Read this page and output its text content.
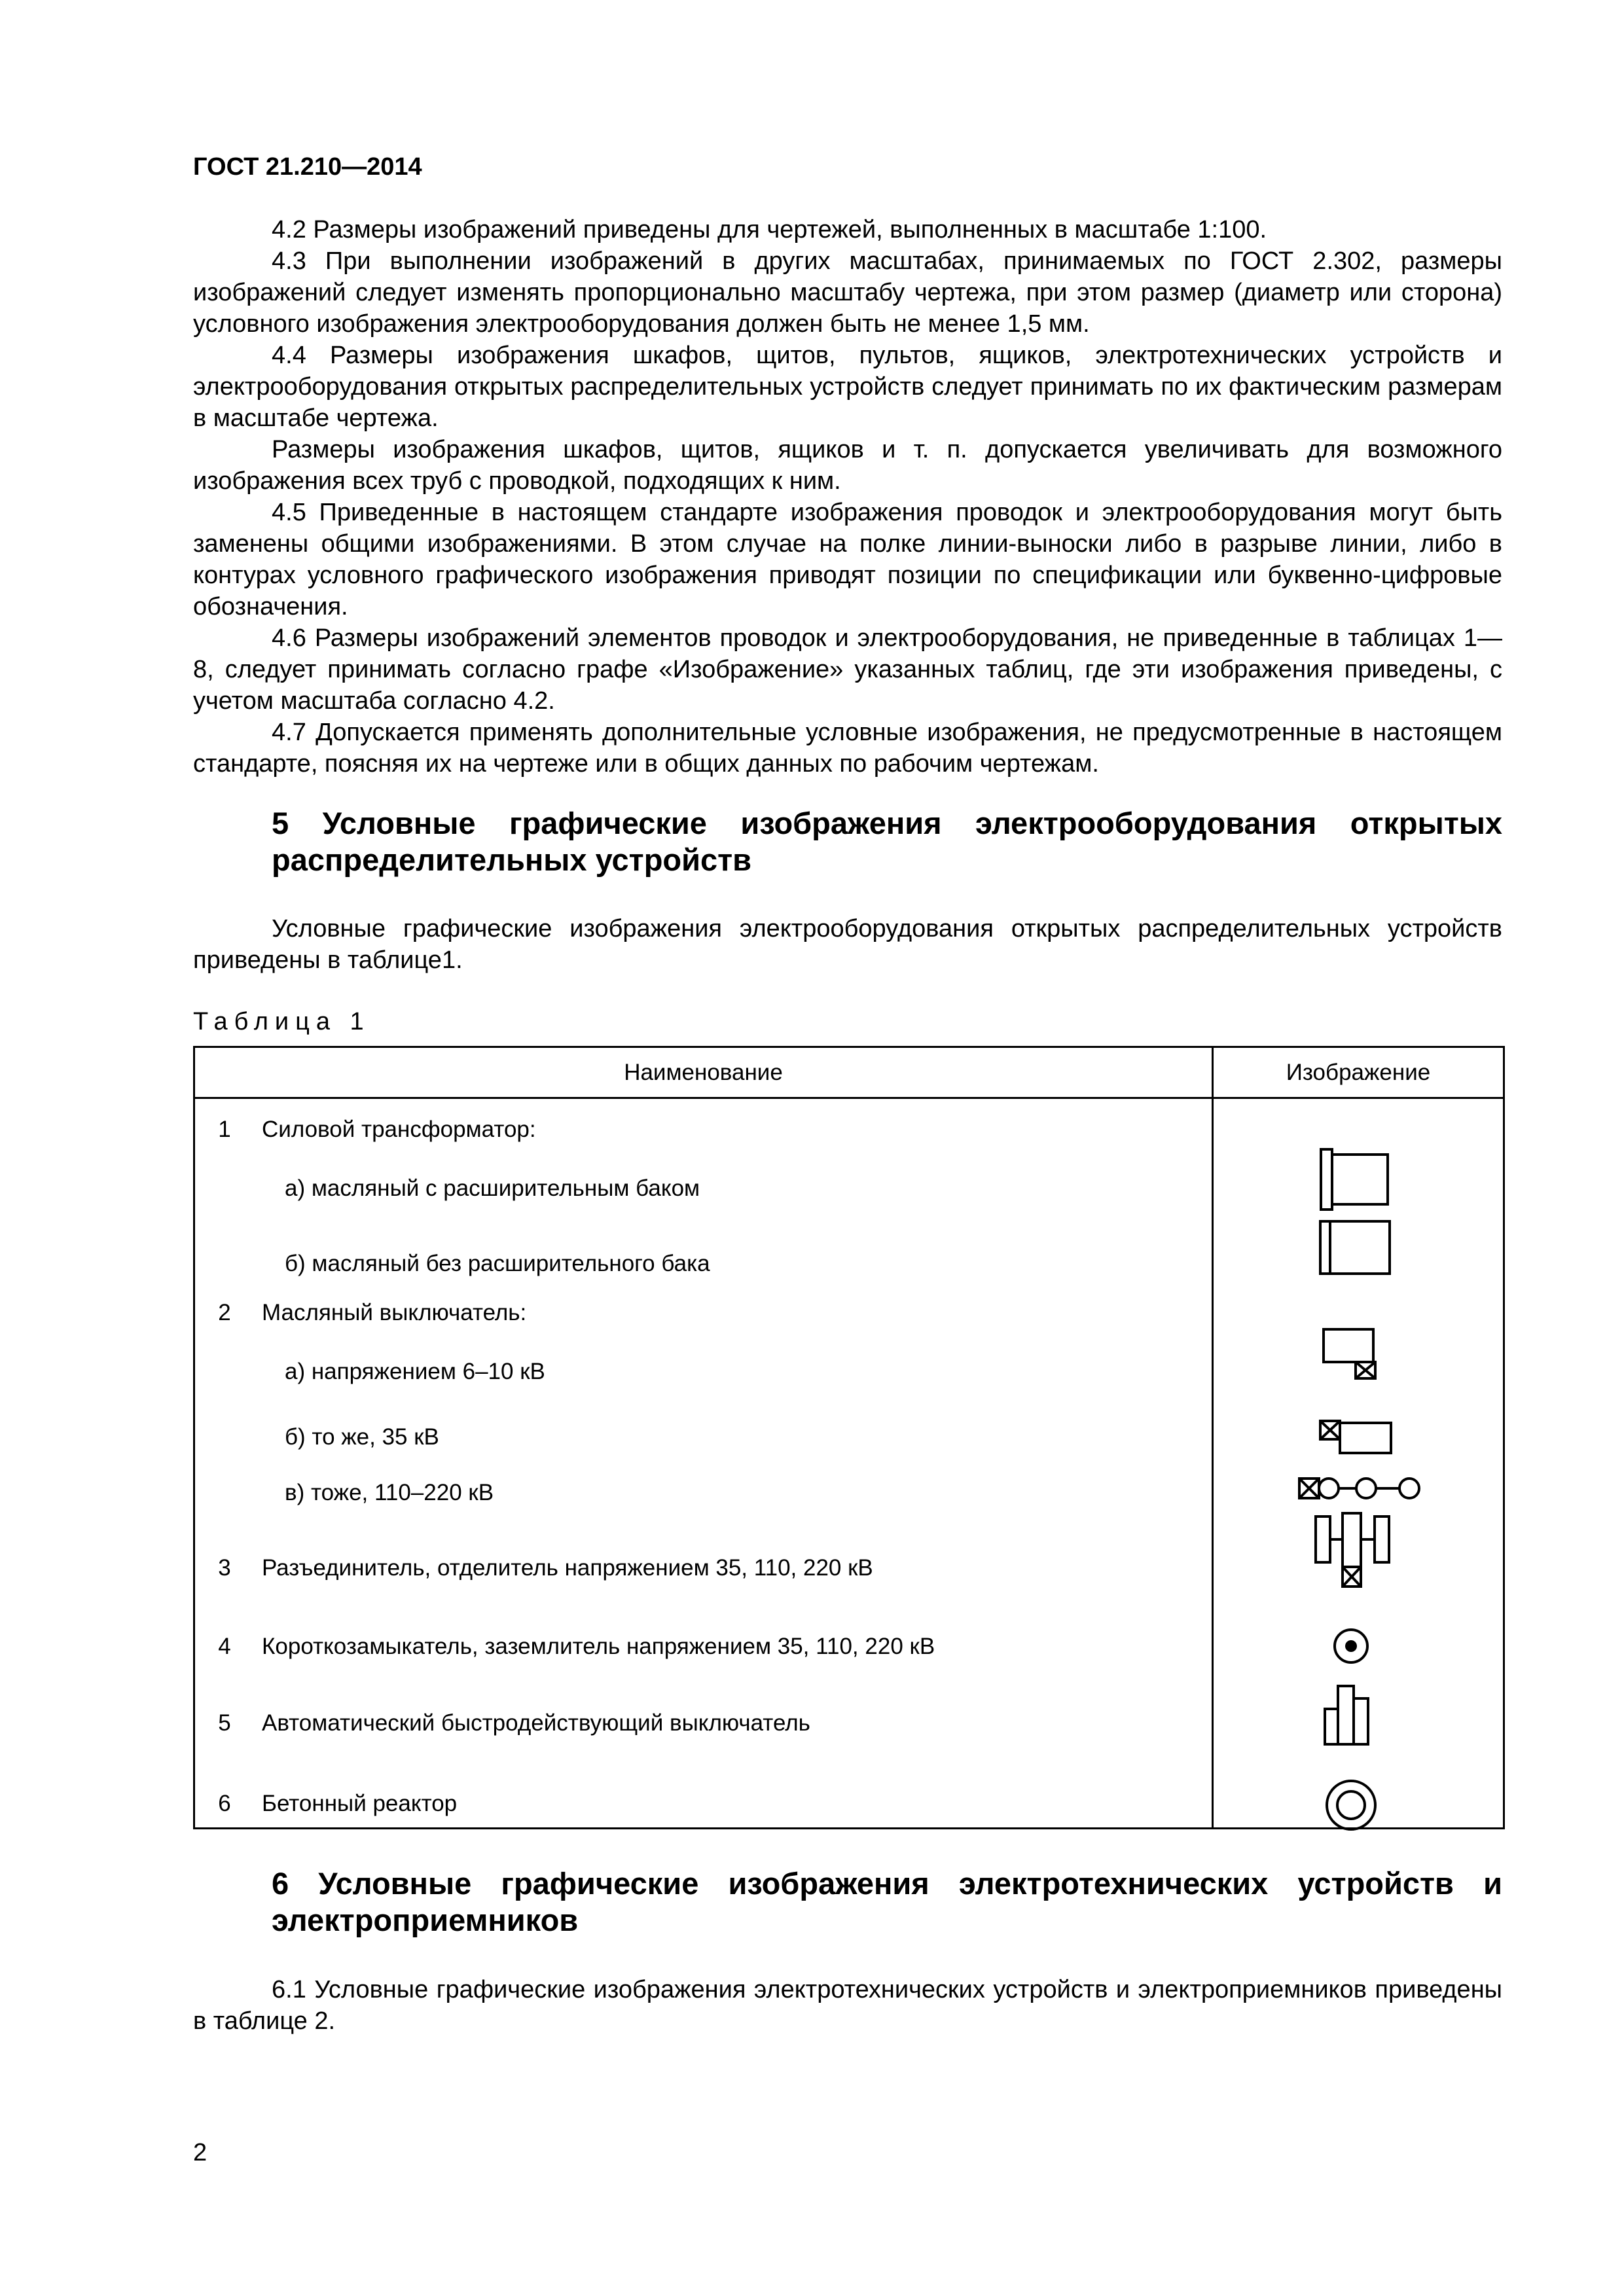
ГОСТ 21.210—2014

4.2 Размеры изображений приведены для чертежей, выполненных в масштабе 1:100.

4.3 При выполнении изображений в других масштабах, принимаемых по ГОСТ 2.302, размеры изображений следует изменять пропорционально масштабу чертежа, при этом размер (диаметр или сторона) условного изображения электрооборудования должен быть не менее 1,5 мм.

4.4 Размеры изображения шкафов, щитов, пультов, ящиков, электротехнических устройств и электрооборудования открытых распределительных устройств следует принимать по их фактическим размерам в масштабе чертежа.

Размеры изображения шкафов, щитов, ящиков и т. п. допускается увеличивать для возможного изображения всех труб с проводкой, подходящих к ним.

4.5 Приведенные в настоящем стандарте изображения проводок и электрооборудования могут быть заменены общими изображениями. В этом случае на полке линии-выноски либо в разрыве линии, либо в контурах условного графического изображения приводят позиции по спецификации или буквенно-цифровые обозначения.

4.6 Размеры изображений элементов проводок и электрооборудования, не приведенные в таблицах 1—8, следует принимать согласно графе «Изображение» указанных таблиц, где эти изображения приведены, с учетом масштаба согласно 4.2.

4.7 Допускается применять дополнительные условные изображения, не предусмотренные в настоящем стандарте, поясняя их на чертеже или в общих данных по рабочим чертежам.

5 Условные графические изображения электрооборудования открытых распределительных устройств

Условные графические изображения электрооборудования открытых распределительных устройств приведены в таблице1.

Таблица 1
Наименование	Изображение
1	Силовой трансформатор:
а) масляный с расширительным баком
б) масляный без расширительного бака
2	Масляный выключатель:
а) напряжением 6–10 кВ
б) то же, 35 кВ
в) тоже, 110–220 кВ
3	Разъединитель, отделитель напряжением 35, 110, 220 кВ
4	Короткозамыкатель, заземлитель напряжением 35, 110, 220 кВ
5	Автоматический быстродействующий выключатель
6	Бетонный реактор
6 Условные графические изображения электротехнических устройств и электроприемников

6.1 Условные графические изображения электротехнических устройств и электроприемников приведены в таблице 2.

2
